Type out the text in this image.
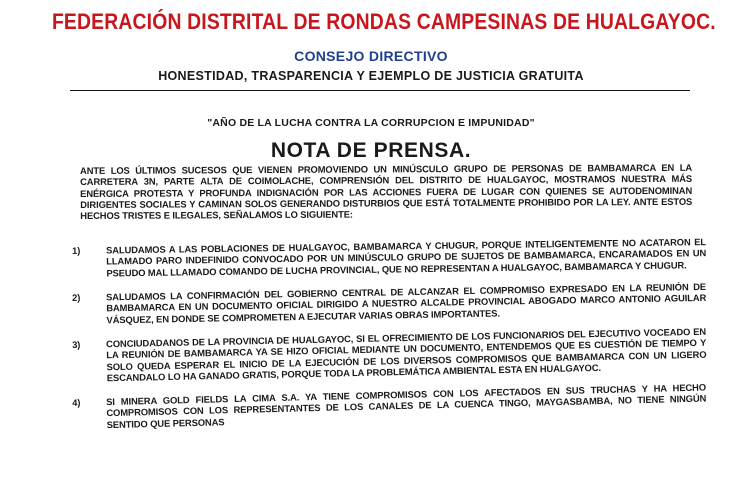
FEDERACIÓN DISTRITAL DE RONDAS CAMPESINAS DE HUALGAYOC.
CONSEJO DIRECTIVO
HONESTIDAD, TRASPARENCIA Y EJEMPLO DE JUSTICIA GRATUITA
"AÑO DE LA LUCHA CONTRA LA CORRUPCION E IMPUNIDAD"
NOTA DE PRENSA.
ANTE LOS ÚLTIMOS SUCESOS QUE VIENEN PROMOVIENDO UN MINÚSCULO GRUPO DE PERSONAS DE BAMBAMARCA EN LA CARRETERA 3N, PARTE ALTA DE COIMOLACHE, COMPRENSIÓN DEL DISTRITO DE HUALGAYOC, MOSTRAMOS NUESTRA MÁS ENÉRGICA PROTESTA Y PROFUNDA INDIGNACIÓN POR LAS ACCIONES FUERA DE LUGAR CON QUIENES SE AUTODENOMINAN DIRIGENTES SOCIALES Y CAMINAN SOLOS GENERANDO DISTURBIOS QUE ESTÁ TOTALMENTE PROHIBIDO POR LA LEY. ANTE ESTOS HECHOS TRISTES E ILEGALES, SEÑALAMOS LO SIGUIENTE:
1)	SALUDAMOS A LAS POBLACIONES DE HUALGAYOC, BAMBAMARCA Y CHUGUR, PORQUE INTELIGENTEMENTE NO ACATARON EL LLAMADO PARO INDEFINIDO CONVOCADO POR UN MINÚSCULO GRUPO DE SUJETOS DE BAMBAMARCA, ENCARAMADOS EN UN PSEUDO MAL LLAMADO COMANDO DE LUCHA PROVINCIAL, QUE NO REPRESENTAN A HUALGAYOC, BAMBAMARCA Y CHUGUR.
2)	SALUDAMOS LA CONFIRMACIÓN DEL GOBIERNO CENTRAL DE ALCANZAR EL COMPROMISO EXPRESADO EN LA REUNIÓN DE BAMBAMARCA EN UN DOCUMENTO OFICIAL DIRIGIDO A NUESTRO ALCALDE PROVINCIAL ABOGADO MARCO ANTONIO AGUILAR VÁSQUEZ, EN DONDE SE COMPROMETEN A EJECUTAR VARIAS OBRAS IMPORTANTES.
3)	CONCIUDADANOS DE LA PROVINCIA DE HUALGAYOC, SI EL OFRECIMIENTO DE LOS FUNCIONARIOS DEL EJECUTIVO VOCEADO EN LA REUNIÓN DE BAMBAMARCA YA SE HIZO OFICIAL MEDIANTE UN DOCUMENTO, ENTENDEMOS QUE ES CUESTIÓN DE TIEMPO Y SOLO QUEDA ESPERAR EL INICIO DE LA EJECUCIÓN DE LOS DIVERSOS COMPROMISOS QUE BAMBAMARCA CON UN LIGERO ESCANDALO LO HA GANADO GRATIS, PORQUE TODA LA PROBLEMÁTICA AMBIENTAL ESTA EN HUALGAYOC.
4)	SI MINERA GOLD FIELDS LA CIMA S.A. YA TIENE COMPROMISOS CON LOS AFECTADOS EN SUS TRUCHAS Y HA HECHO COMPROMISOS CON LOS REPRESENTANTES DE LOS CANALES DE LA CUENCA TINGO, MAYGASBAMBA, NO TIENE NINGÚN SENTIDO QUE PERSONAS
